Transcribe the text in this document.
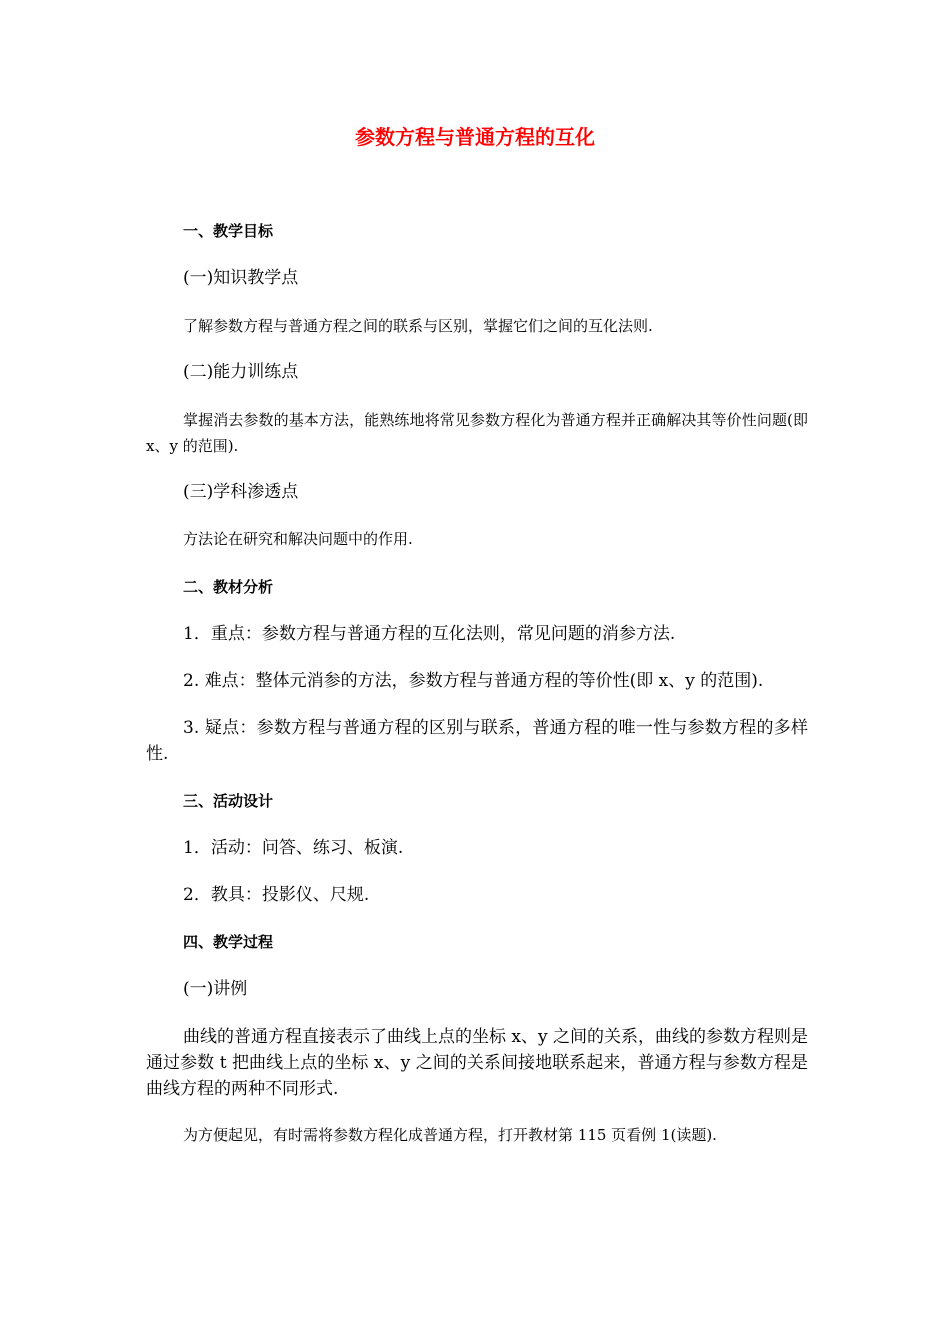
参数方程与普通方程的互化
一、教学目标
(一)知识教学点
了解参数方程与普通方程之间的联系与区别，掌握它们之间的互化法则.
(二)能力训练点
掌握消去参数的基本方法，能熟练地将常见参数方程化为普通方程并正确解决其等价性问题(即 x、y 的范围).
(三)学科渗透点
方法论在研究和解决问题中的作用.
二、教材分析
1．重点：参数方程与普通方程的互化法则，常见问题的消参方法.
2. 难点：整体元消参的方法，参数方程与普通方程的等价性(即 x、y 的范围).
3. 疑点：参数方程与普通方程的区别与联系，普通方程的唯一性与参数方程的多样性.
三、活动设计
1．活动：问答、练习、板演.
2．教具：投影仪、尺规.
四、教学过程
(一)讲例
曲线的普通方程直接表示了曲线上点的坐标 x、y 之间的关系，曲线的参数方程则是通过参数 t 把曲线上点的坐标 x、y 之间的关系间接地联系起来，普通方程与参数方程是曲线方程的两种不同形式.
为方便起见，有时需将参数方程化成普通方程，打开教材第 115 页看例 1(读题).
